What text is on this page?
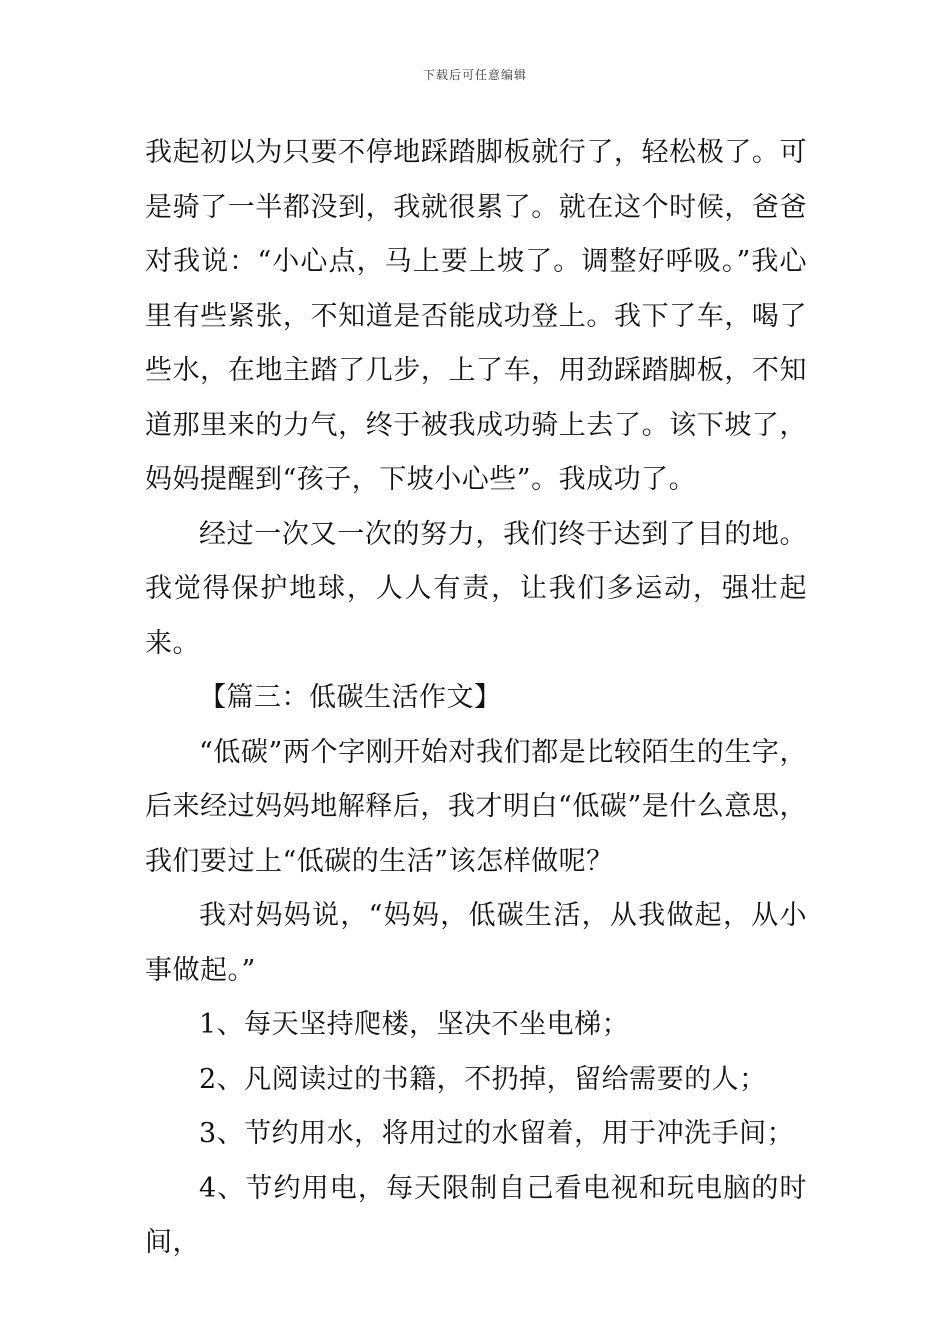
下载后可任意编辑

我起初以为只要不停地踩踏脚板就行了，轻松极了。可是骑了一半都没到，我就很累了。就在这个时候，爸爸对我说：“小心点，马上要上坡了。调整好呼吸。”我心里有些紧张，不知道是否能成功登上。我下了车，喝了些水，在地主踏了几步，上了车，用劲踩踏脚板，不知道那里来的力气，终于被我成功骑上去了。该下坡了，妈妈提醒到“孩子，下坡小心些”。我成功了。

经过一次又一次的努力，我们终于达到了目的地。我觉得保护地球，人人有责，让我们多运动，强壮起来。

【篇三：低碳生活作文】

“低碳”两个字刚开始对我们都是比较陌生的生字，后来经过妈妈地解释后，我才明白“低碳”是什么意思，我们要过上“低碳的生活”该怎样做呢？

我对妈妈说，“妈妈，低碳生活，从我做起，从小事做起。”

1、每天坚持爬楼，坚决不坐电梯；

2、凡阅读过的书籍，不扔掉，留给需要的人；

3、节约用水，将用过的水留着，用于冲洗手间；

4、节约用电，每天限制自己看电视和玩电脑的时间，
